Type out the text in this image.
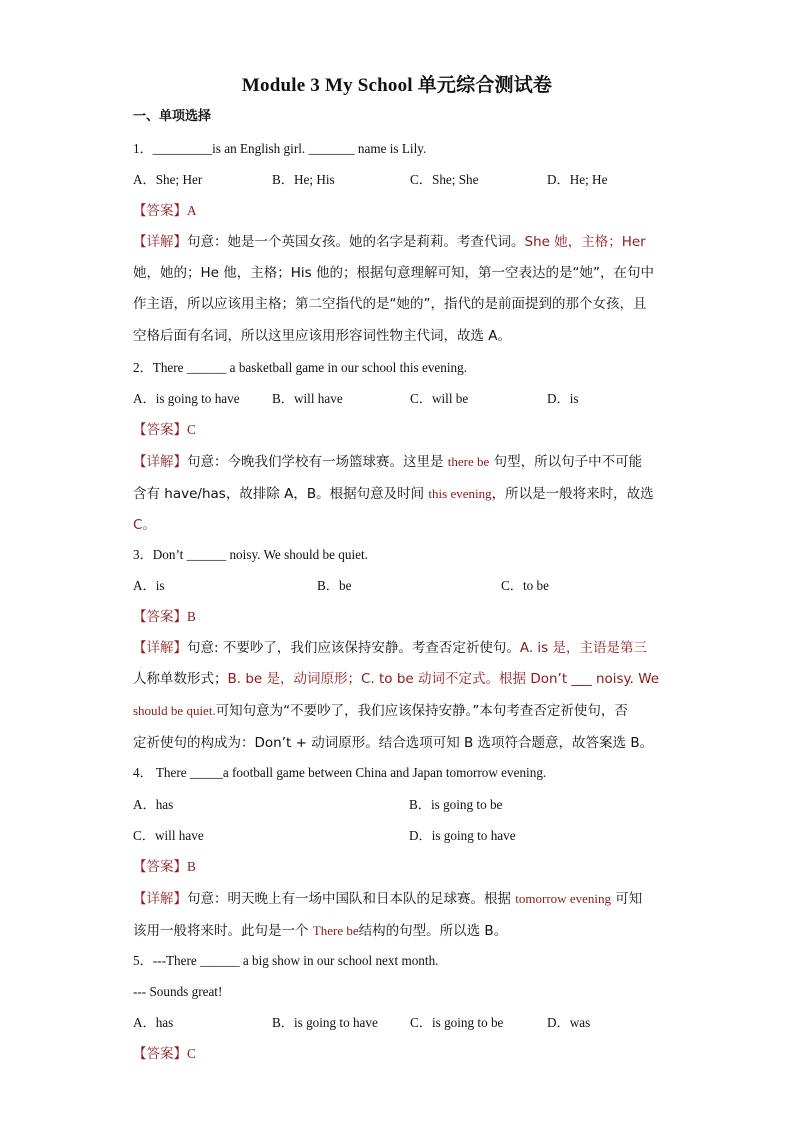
Module 3 My School 单元综合测试卷
一、单项选择
1．_________is an English girl. _______ name is Lily.
A．She; Her	B．He; His	C．She; She	D．He; He
【答案】A
【详解】句意：她是一个英国女孩。她的名字是莉莉。考查代词。She 她，主格；Her
她，她的；He 他，主格；His 他的；根据句意理解可知，第一空表达的是“她”，在句中
作主语，所以应该用主格；第二空指代的是“她的”，指代的是前面提到的那个女孩，且
空格后面有名词，所以这里应该用形容词性物主代词，故选 A。
2．There ______ a basketball game in our school this evening.
A．is going to have B．will have	C．will be	D．is
【答案】C
【详解】句意：今晚我们学校有一场篮球赛。这里是 there be 句型，所以句子中不可能
含有 have/has，故排除 A，B。根据句意及时间 this evening，所以是一般将来时，故选
C。
3．Don’t ______ noisy. We should be quiet.
A．is	B．be	C．to be
【答案】B
【详解】句意: 不要吵了，我们应该保持安静。考查否定祈使句。A. is 是，主语是第三
人称单数形式；B. be 是，动词原形；C. to be 动词不定式。根据 Don’t ___ noisy. We
should be quiet.可知句意为“不要吵了，我们应该保持安静。”本句考查否定祈使句，否
定祈使句的构成为：Don’t + 动词原形。结合选项可知 B 选项符合题意，故答案选 B。
4． There _____a football game between China and Japan tomorrow evening.
A．has	B．is going to be
C．will have	D．is going to have
【答案】B
【详解】句意：明天晚上有一场中国队和日本队的足球赛。根据 tomorrow evening 可知
该用一般将来时。此句是一个 There be结构的句型。所以选 B。
5．---There ______ a big show in our school next month.
--- Sounds great!
A．has	B．is going to have C．is going to be	D．was
【答案】C
